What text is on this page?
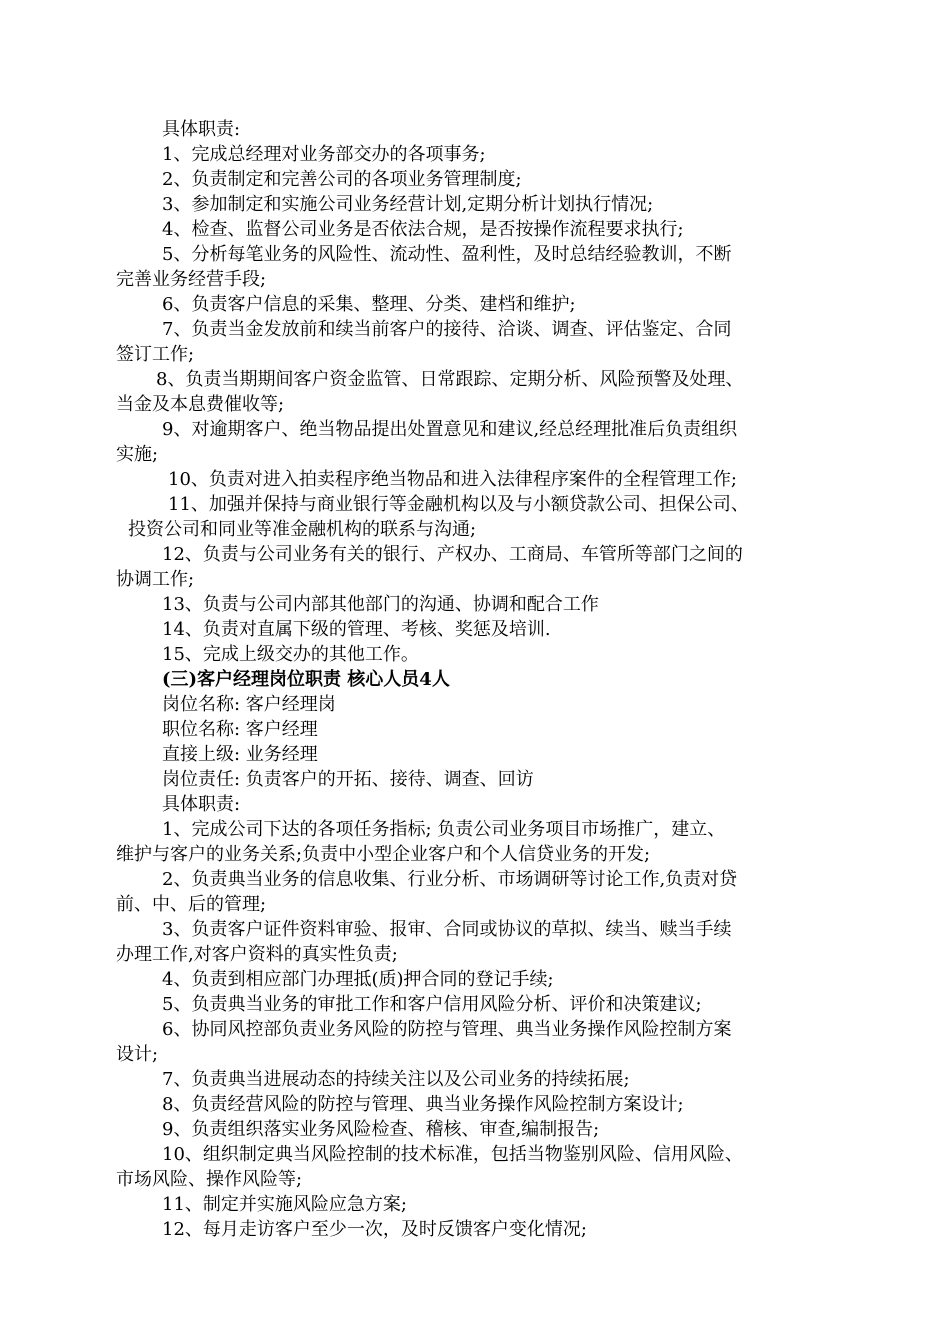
具体职责:
1、完成总经理对业务部交办的各项事务;
2、负责制定和完善公司的各项业务管理制度;
3、参加制定和实施公司业务经营计划,定期分析计划执行情况;
4、检查、监督公司业务是否依法合规，是否按操作流程要求执行;
5、分析每笔业务的风险性、流动性、盈利性，及时总结经验教训，不断
完善业务经营手段;
6、负责客户信息的采集、整理、分类、建档和维护;
7、负责当金发放前和续当前客户的接待、洽谈、调查、评估鉴定、合同
签订工作;
8、负责当期期间客户资金监管、日常跟踪、定期分析、风险预警及处理、
当金及本息费催收等;
9、对逾期客户、绝当物品提出处置意见和建议,经总经理批准后负责组织
实施;
10、负责对进入拍卖程序绝当物品和进入法律程序案件的全程管理工作;
11、加强并保持与商业银行等金融机构以及与小额贷款公司、担保公司、
投资公司和同业等准金融机构的联系与沟通;
12、负责与公司业务有关的银行、产权办、工商局、车管所等部门之间的
协调工作;
13、负责与公司内部其他部门的沟通、协调和配合工作
14、负责对直属下级的管理、考核、奖惩及培训.
15、完成上级交办的其他工作。
(三)客户经理岗位职责 核心人员4人
岗位名称: 客户经理岗
职位名称: 客户经理
直接上级: 业务经理
岗位责任: 负责客户的开拓、接待、调查、回访
具体职责:
1、完成公司下达的各项任务指标; 负责公司业务项目市场推广，建立、
维护与客户的业务关系;负责中小型企业客户和个人信贷业务的开发;
2、负责典当业务的信息收集、行业分析、市场调研等讨论工作,负责对贷
前、中、后的管理;
3、负责客户证件资料审验、报审、合同或协议的草拟、续当、赎当手续
办理工作,对客户资料的真实性负责;
4、负责到相应部门办理抵(质)押合同的登记手续;
5、负责典当业务的审批工作和客户信用风险分析、评价和决策建议;
6、协同风控部负责业务风险的防控与管理、典当业务操作风险控制方案
设计;
7、负责典当进展动态的持续关注以及公司业务的持续拓展;
8、负责经营风险的防控与管理、典当业务操作风险控制方案设计;
9、负责组织落实业务风险检查、稽核、审查,编制报告;
10、组织制定典当风险控制的技术标准，包括当物鉴别风险、信用风险、
市场风险、操作风险等;
11、制定并实施风险应急方案;
12、每月走访客户至少一次，及时反馈客户变化情况;
